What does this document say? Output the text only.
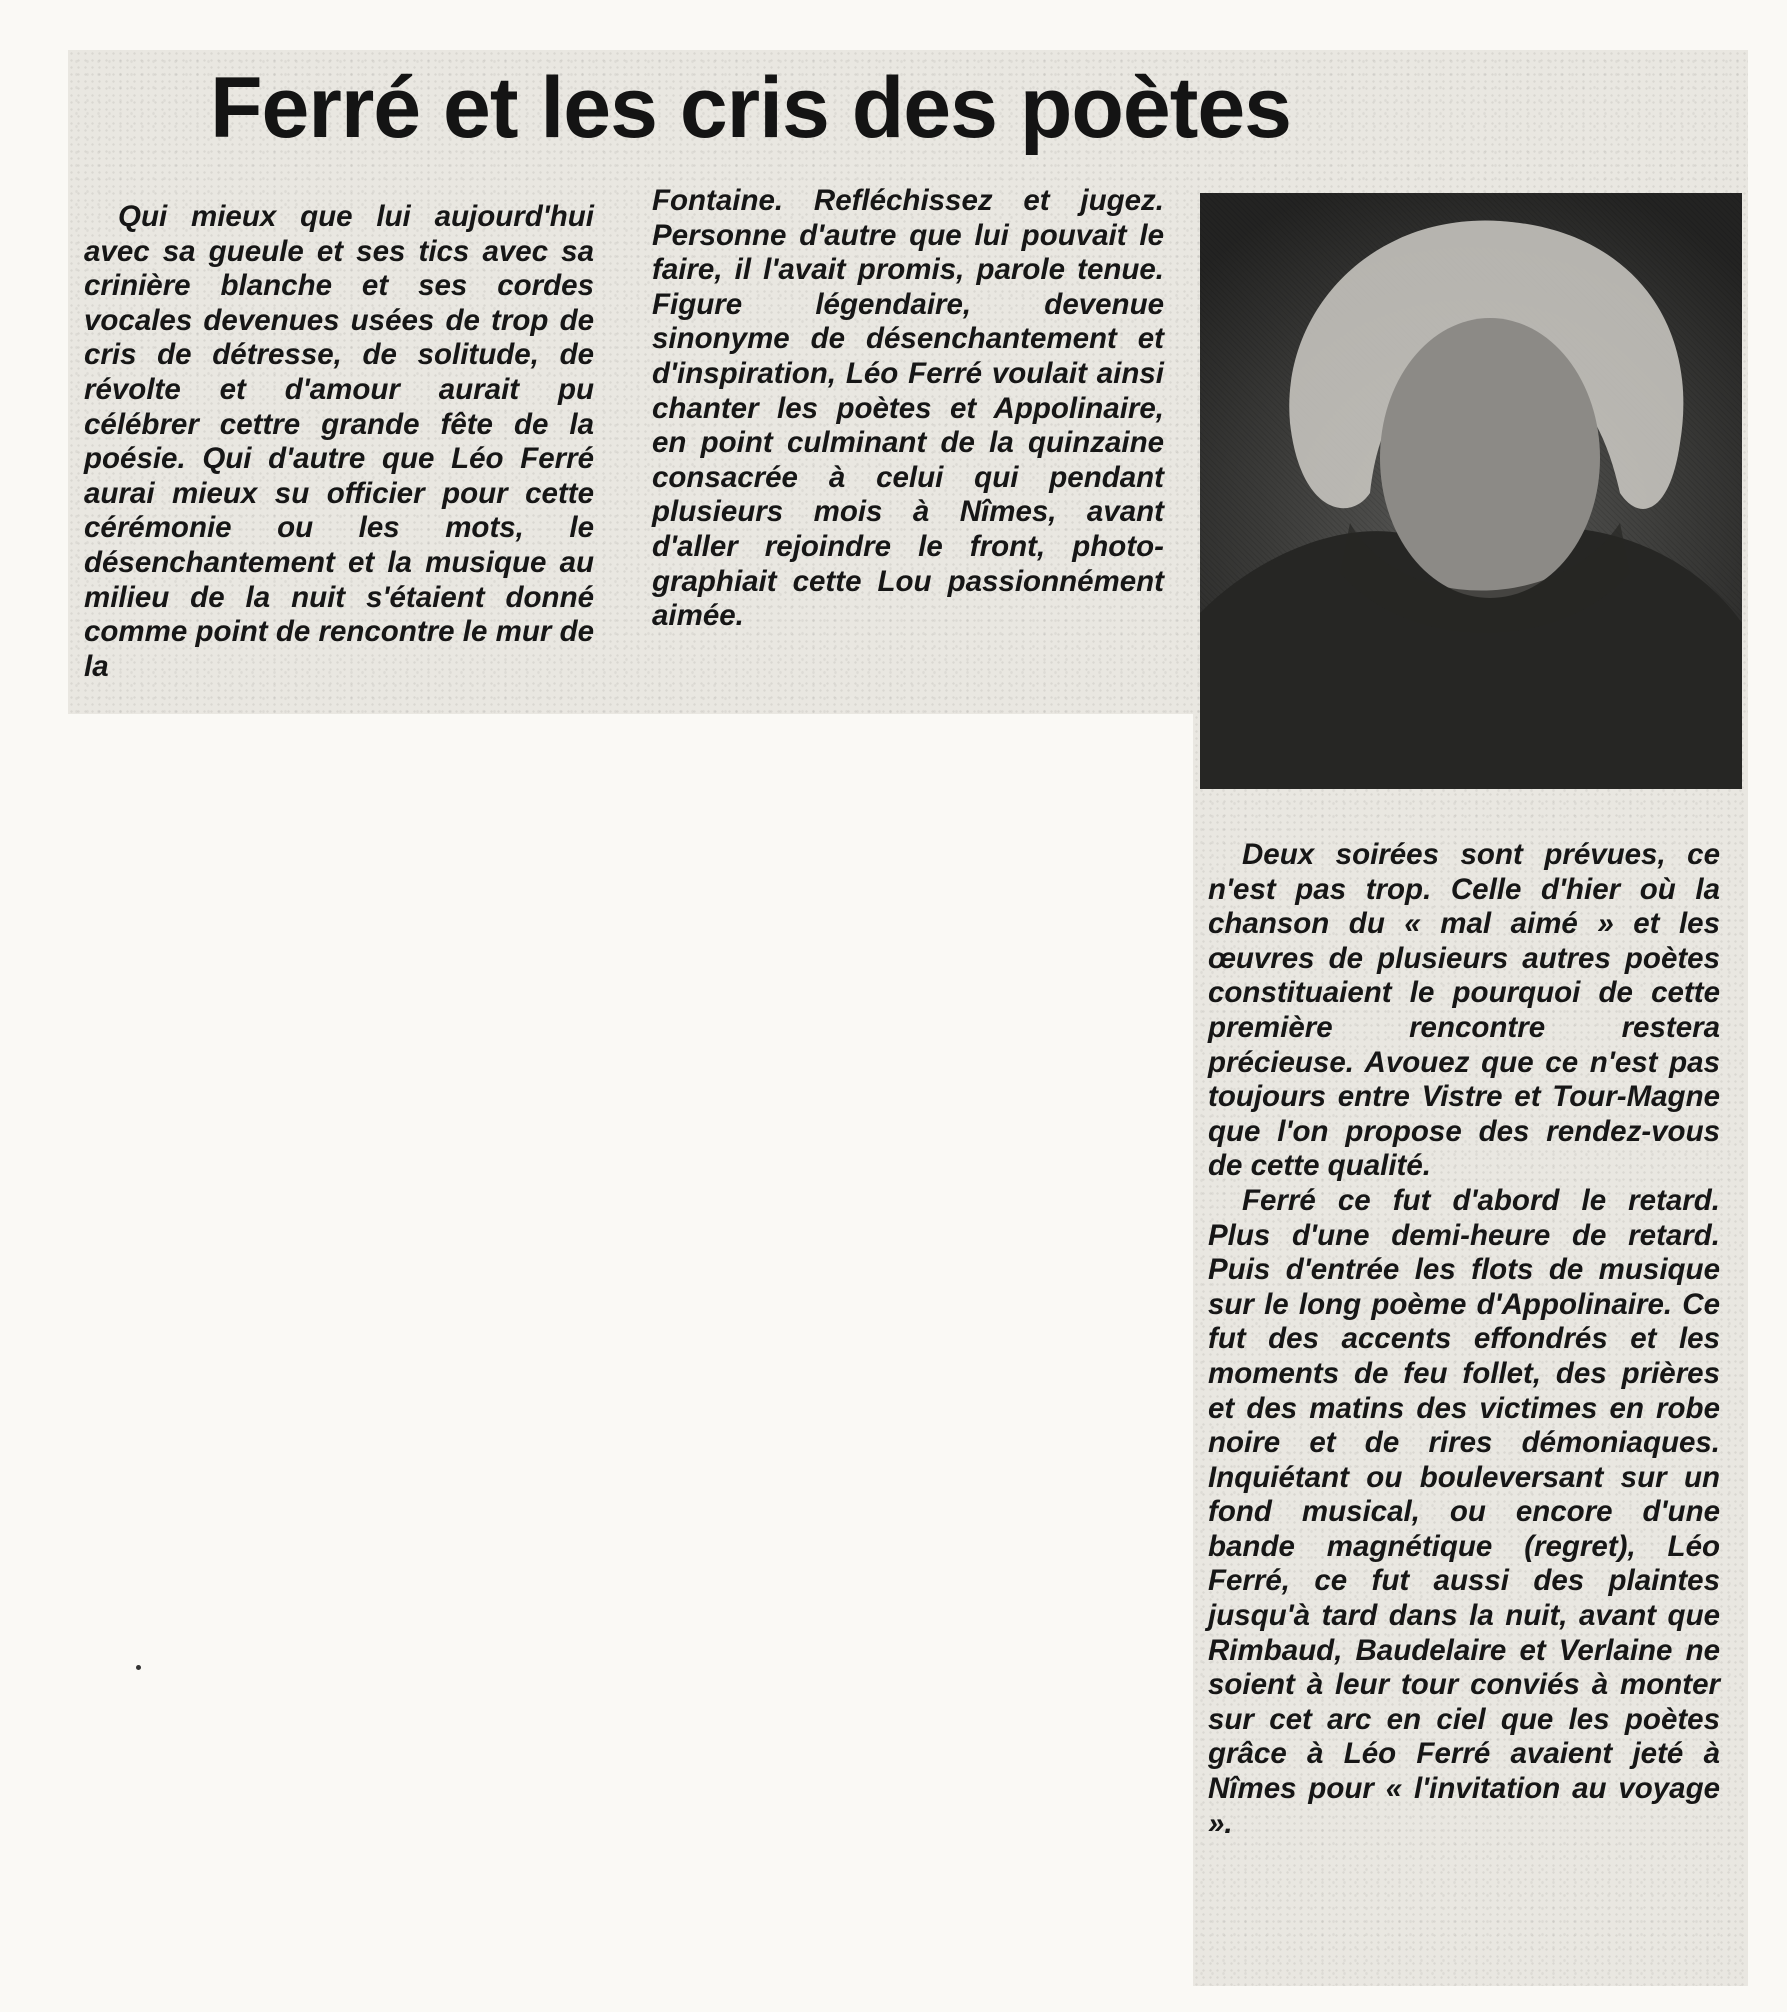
Ferré et les cris des poètes

Qui mieux que lui aujourd'hui avec sa gueule et ses tics avec sa crinière blanche et ses cordes vocales devenues usées de trop de cris de détresse, de solitude, de révolte et d'amour aurait pu célébrer cettre grande fête de la poésie. Qui d'autre que Léo Ferré aurai mieux su officier pour cette cérémonie ou les mots, le désenchantement et la musique au milieu de la nuit s'étaient donné comme point de rencontre le mur de la

Fontaine. Refléchissez et jugez. Personne d'autre que lui pouvait le faire, il l'avait promis, parole tenue. Figure légendaire, devenue sinonyme de désenchantement et d'inspiration, Léo Ferré voulait ainsi chanter les poètes et Appolinaire, en point culminant de la quinzaine consacrée à celui qui pendant plusieurs mois à Nîmes, avant d'aller rejoindre le front, photographiait cette Lou passionnément aimée.

Deux soirées sont prévues, ce n'est pas trop. Celle d'hier où la chanson du « mal aimé » et les œuvres de plusieurs autres poètes constituaient le pourquoi de cette première rencontre restera précieuse. Avouez que ce n'est pas toujours entre Vistre et Tour-Magne que l'on propose des rendez-vous de cette qualité.

Ferré ce fut d'abord le retard. Plus d'une demi-heure de retard. Puis d'entrée les flots de musique sur le long poème d'Appolinaire. Ce fut des accents effondrés et les moments de feu follet, des prières et des matins des victimes en robe noire et de rires démoniaques. Inquiétant ou bouleversant sur un fond musical, ou encore d'une bande magnétique (regret), Léo Ferré, ce fut aussi des plaintes jusqu'à tard dans la nuit, avant que Rimbaud, Baudelaire et Verlaine ne soient à leur tour conviés à monter sur cet arc en ciel que les poètes grâce à Léo Ferré avaient jeté à Nîmes pour « l'invitation au voyage ».
